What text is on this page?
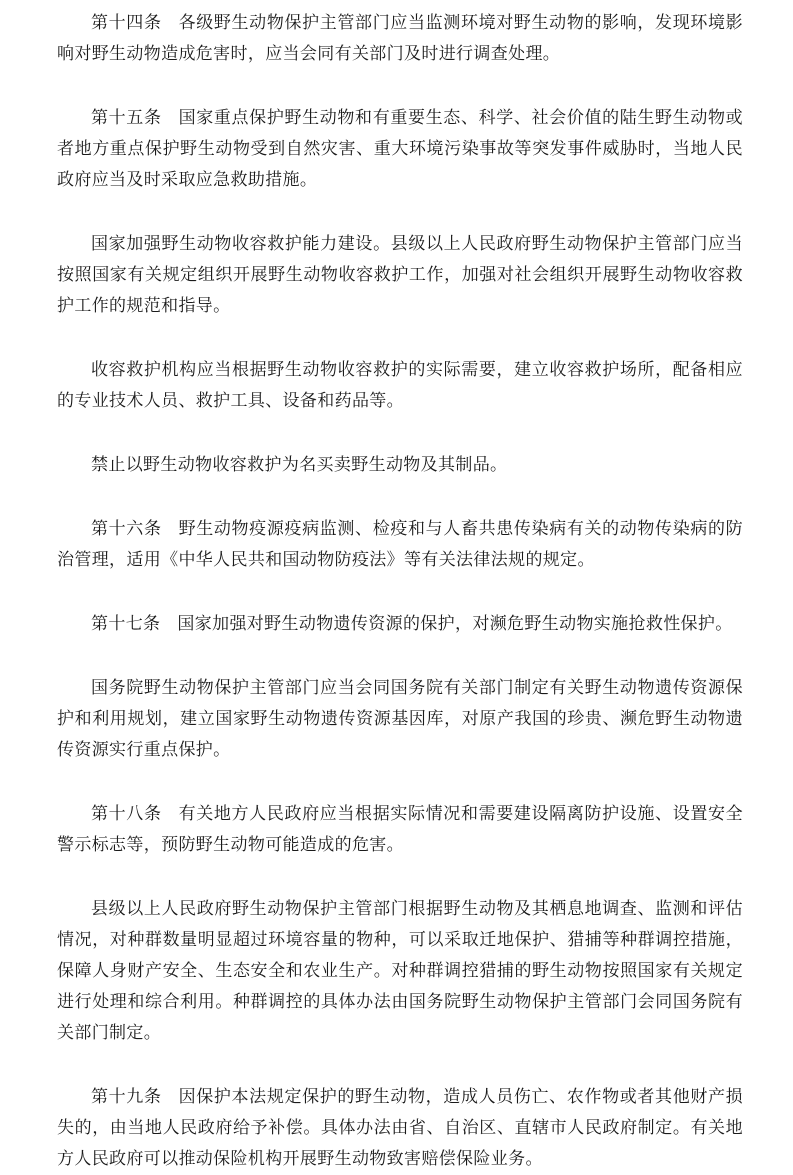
第十四条 各级野生动物保护主管部门应当监测环境对野生动物的影响，发现环境影响对野生动物造成危害时，应当会同有关部门及时进行调查处理。

第十五条 国家重点保护野生动物和有重要生态、科学、社会价值的陆生野生动物或者地方重点保护野生动物受到自然灾害、重大环境污染事故等突发事件威胁时，当地人民政府应当及时采取应急救助措施。

国家加强野生动物收容救护能力建设。县级以上人民政府野生动物保护主管部门应当按照国家有关规定组织开展野生动物收容救护工作，加强对社会组织开展野生动物收容救护工作的规范和指导。

收容救护机构应当根据野生动物收容救护的实际需要，建立收容救护场所，配备相应的专业技术人员、救护工具、设备和药品等。

禁止以野生动物收容救护为名买卖野生动物及其制品。

第十六条 野生动物疫源疫病监测、检疫和与人畜共患传染病有关的动物传染病的防治管理，适用《中华人民共和国动物防疫法》等有关法律法规的规定。

第十七条 国家加强对野生动物遗传资源的保护，对濒危野生动物实施抢救性保护。

国务院野生动物保护主管部门应当会同国务院有关部门制定有关野生动物遗传资源保护和利用规划，建立国家野生动物遗传资源基因库，对原产我国的珍贵、濒危野生动物遗传资源实行重点保护。

第十八条 有关地方人民政府应当根据实际情况和需要建设隔离防护设施、设置安全警示标志等，预防野生动物可能造成的危害。

县级以上人民政府野生动物保护主管部门根据野生动物及其栖息地调查、监测和评估情况，对种群数量明显超过环境容量的物种，可以采取迁地保护、猎捕等种群调控措施，保障人身财产安全、生态安全和农业生产。对种群调控猎捕的野生动物按照国家有关规定进行处理和综合利用。种群调控的具体办法由国务院野生动物保护主管部门会同国务院有关部门制定。

第十九条 因保护本法规定保护的野生动物，造成人员伤亡、农作物或者其他财产损失的，由当地人民政府给予补偿。具体办法由省、自治区、直辖市人民政府制定。有关地方人民政府可以推动保险机构开展野生动物致害赔偿保险业务。
